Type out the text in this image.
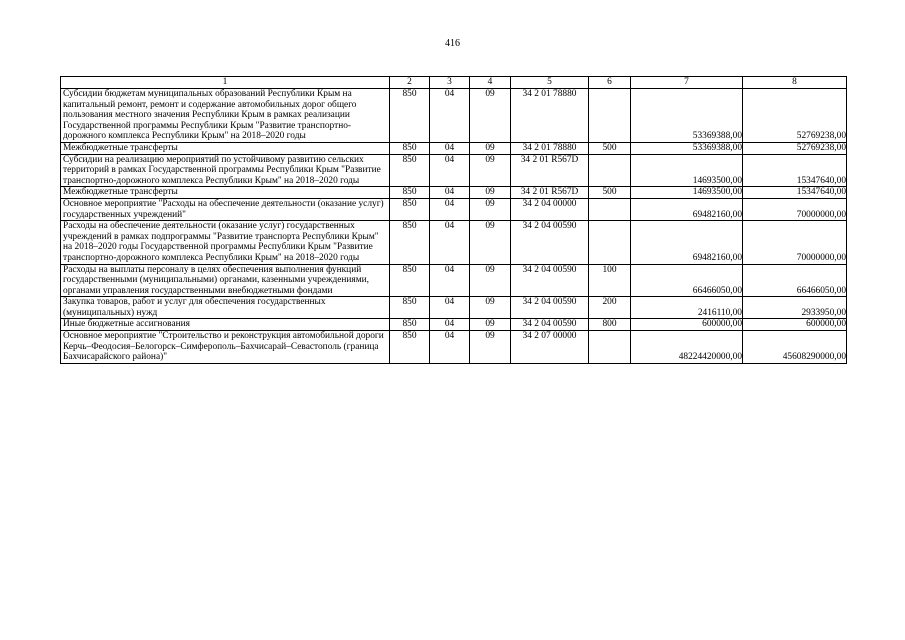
416
1	2	3	4	5	6	7	8
Субсидии бюджетам муниципальных образований Республики Крым на капитальный ремонт, ремонт и содержание автомобильных дорог общего пользования местного значения Республики Крым в рамках реализации Государственной программы Республики Крым "Развитие транспортно-дорожного комплекса Республики Крым" на 2018–2020 годы	850	04	09	34 2 01 78880		53369388,00	52769238,00
Межбюджетные трансферты	850	04	09	34 2 01 78880	500	53369388,00	52769238,00
Субсидии на реализацию мероприятий по устойчивому развитию сельских территорий в рамках Государственной программы Республики Крым "Развитие транспортно-дорожного комплекса Республики Крым" на 2018–2020 годы	850	04	09	34 2 01 R567D		14693500,00	15347640,00
Межбюджетные трансферты	850	04	09	34 2 01 R567D	500	14693500,00	15347640,00
Основное мероприятие "Расходы на обеспечение деятельности (оказание услуг) государственных учреждений"	850	04	09	34 2 04 00000		69482160,00	70000000,00
Расходы на обеспечение деятельности (оказание услуг) государственных учреждений в рамках подпрограммы "Развитие транспорта Республики Крым" на 2018–2020 годы Государственной программы Республики Крым "Развитие транспортно-дорожного комплекса Республики Крым" на 2018–2020 годы	850	04	09	34 2 04 00590		69482160,00	70000000,00
Расходы на выплаты персоналу в целях обеспечения выполнения функций государственными (муниципальными) органами, казенными учреждениями, органами управления государственными внебюджетными фондами	850	04	09	34 2 04 00590	100	66466050,00	66466050,00
Закупка товаров, работ и услуг для обеспечения государственных (муниципальных) нужд	850	04	09	34 2 04 00590	200	2416110,00	2933950,00
Иные бюджетные ассигнования	850	04	09	34 2 04 00590	800	600000,00	600000,00
Основное мероприятие "Строительство и реконструкция автомобильной дороги Керчь–Феодосия–Белогорск–Симферополь–Бахчисарай–Севастополь (граница Бахчисарайского района)"	850	04	09	34 2 07 00000		48224420000,00	45608290000,00
